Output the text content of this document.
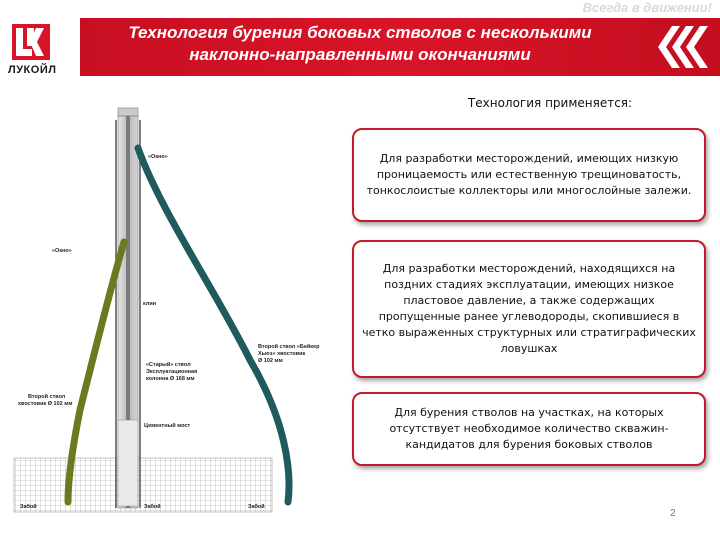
Всегда в движении!
Технология бурения боковых стволов с несколькими
наклонно-направленными окончаниями
ЛУКОЙЛ
«Окно»
«Окно»
клин
«Старый» ствол
Эксплуатационная
колонна Ø 168 мм
Второй ствол
хвостовик Ø 102 мм
Второй ствол «Бейкер
Хьюз» хвостовик
Ø 102 мм
Цементный мост
Забой	Забой	Забой
Технология применяется:
Для разработки месторождений, имеющих низкую проницаемость или естественную трещиноватость, тонкослоистые коллекторы или многослойные залежи.
Для разработки месторождений, находящихся на поздних стадиях эксплуатации, имеющих низкое пластовое давление, а также содержащих пропущенные ранее углеводороды, скопившиеся в четко выраженных структурных или стратиграфических ловушках
Для бурения стволов на участках, на которых отсутствует необходимое количество скважин-кандидатов для бурения боковых стволов
2
